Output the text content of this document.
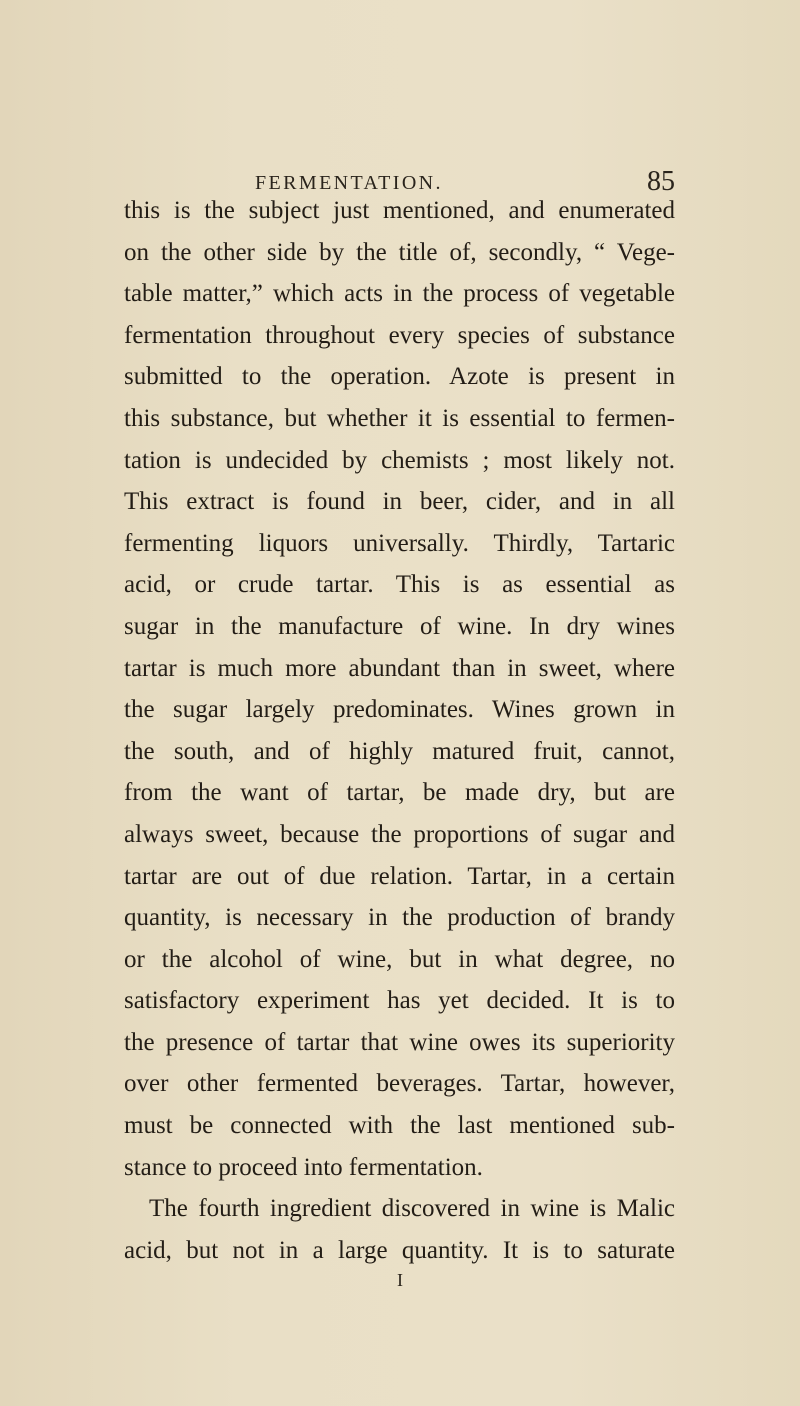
FERMENTATION.	85
this is the subject just mentioned, and enumerated
on the other side by the title of, secondly, “ Vege-
table matter,” which acts in the process of vegetable
fermentation throughout every species of substance
submitted to the operation. Azote is present in
this substance, but whether it is essential to fermen-
tation is undecided by chemists ; most likely not.
This extract is found in beer, cider, and in all
fermenting liquors universally. Thirdly, Tartaric
acid, or crude tartar. This is as essential as
sugar in the manufacture of wine. In dry wines
tartar is much more abundant than in sweet, where
the sugar largely predominates. Wines grown in
the south, and of highly matured fruit, cannot,
from the want of tartar, be made dry, but are
always sweet, because the proportions of sugar and
tartar are out of due relation. Tartar, in a certain
quantity, is necessary in the production of brandy
or the alcohol of wine, but in what degree, no
satisfactory experiment has yet decided. It is to
the presence of tartar that wine owes its superiority
over other fermented beverages. Tartar, however,
must be connected with the last mentioned sub-
stance to proceed into fermentation.
The fourth ingredient discovered in wine is Malic
acid, but not in a large quantity. It is to saturate
I
